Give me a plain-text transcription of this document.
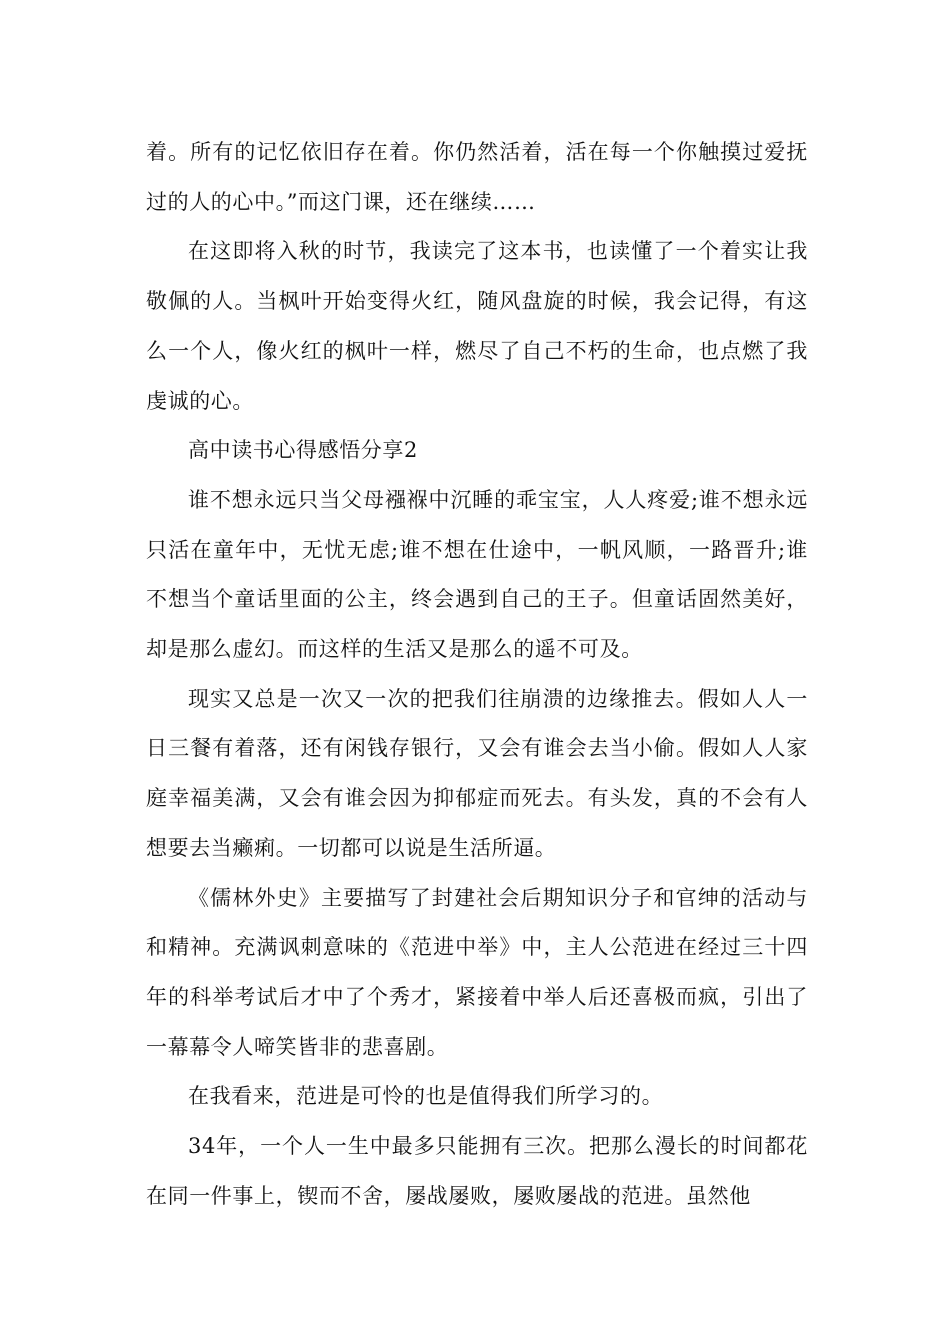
着。所有的记忆依旧存在着。你仍然活着，活在每一个你触摸过爱抚过的人的心中。”而这门课，还在继续……

在这即将入秋的时节，我读完了这本书，也读懂了一个着实让我敬佩的人。当枫叶开始变得火红，随风盘旋的时候，我会记得，有这么一个人，像火红的枫叶一样，燃尽了自己不朽的生命，也点燃了我虔诚的心。

高中读书心得感悟分享2

谁不想永远只当父母襁褓中沉睡的乖宝宝，人人疼爱;谁不想永远只活在童年中，无忧无虑;谁不想在仕途中，一帆风顺，一路晋升;谁不想当个童话里面的公主，终会遇到自己的王子。但童话固然美好，却是那么虚幻。而这样的生活又是那么的遥不可及。

现实又总是一次又一次的把我们往崩溃的边缘推去。假如人人一日三餐有着落，还有闲钱存银行，又会有谁会去当小偷。假如人人家庭幸福美满，又会有谁会因为抑郁症而死去。有头发，真的不会有人想要去当癞痢。一切都可以说是生活所逼。

《儒林外史》主要描写了封建社会后期知识分子和官绅的活动与和精神。充满讽刺意味的《范进中举》中，主人公范进在经过三十四年的科举考试后才中了个秀才，紧接着中举人后还喜极而疯，引出了一幕幕令人啼笑皆非的悲喜剧。

在我看来，范进是可怜的也是值得我们所学习的。

34年，一个人一生中最多只能拥有三次。把那么漫长的时间都花在同一件事上，锲而不舍，屡战屡败，屡败屡战的范进。虽然他
